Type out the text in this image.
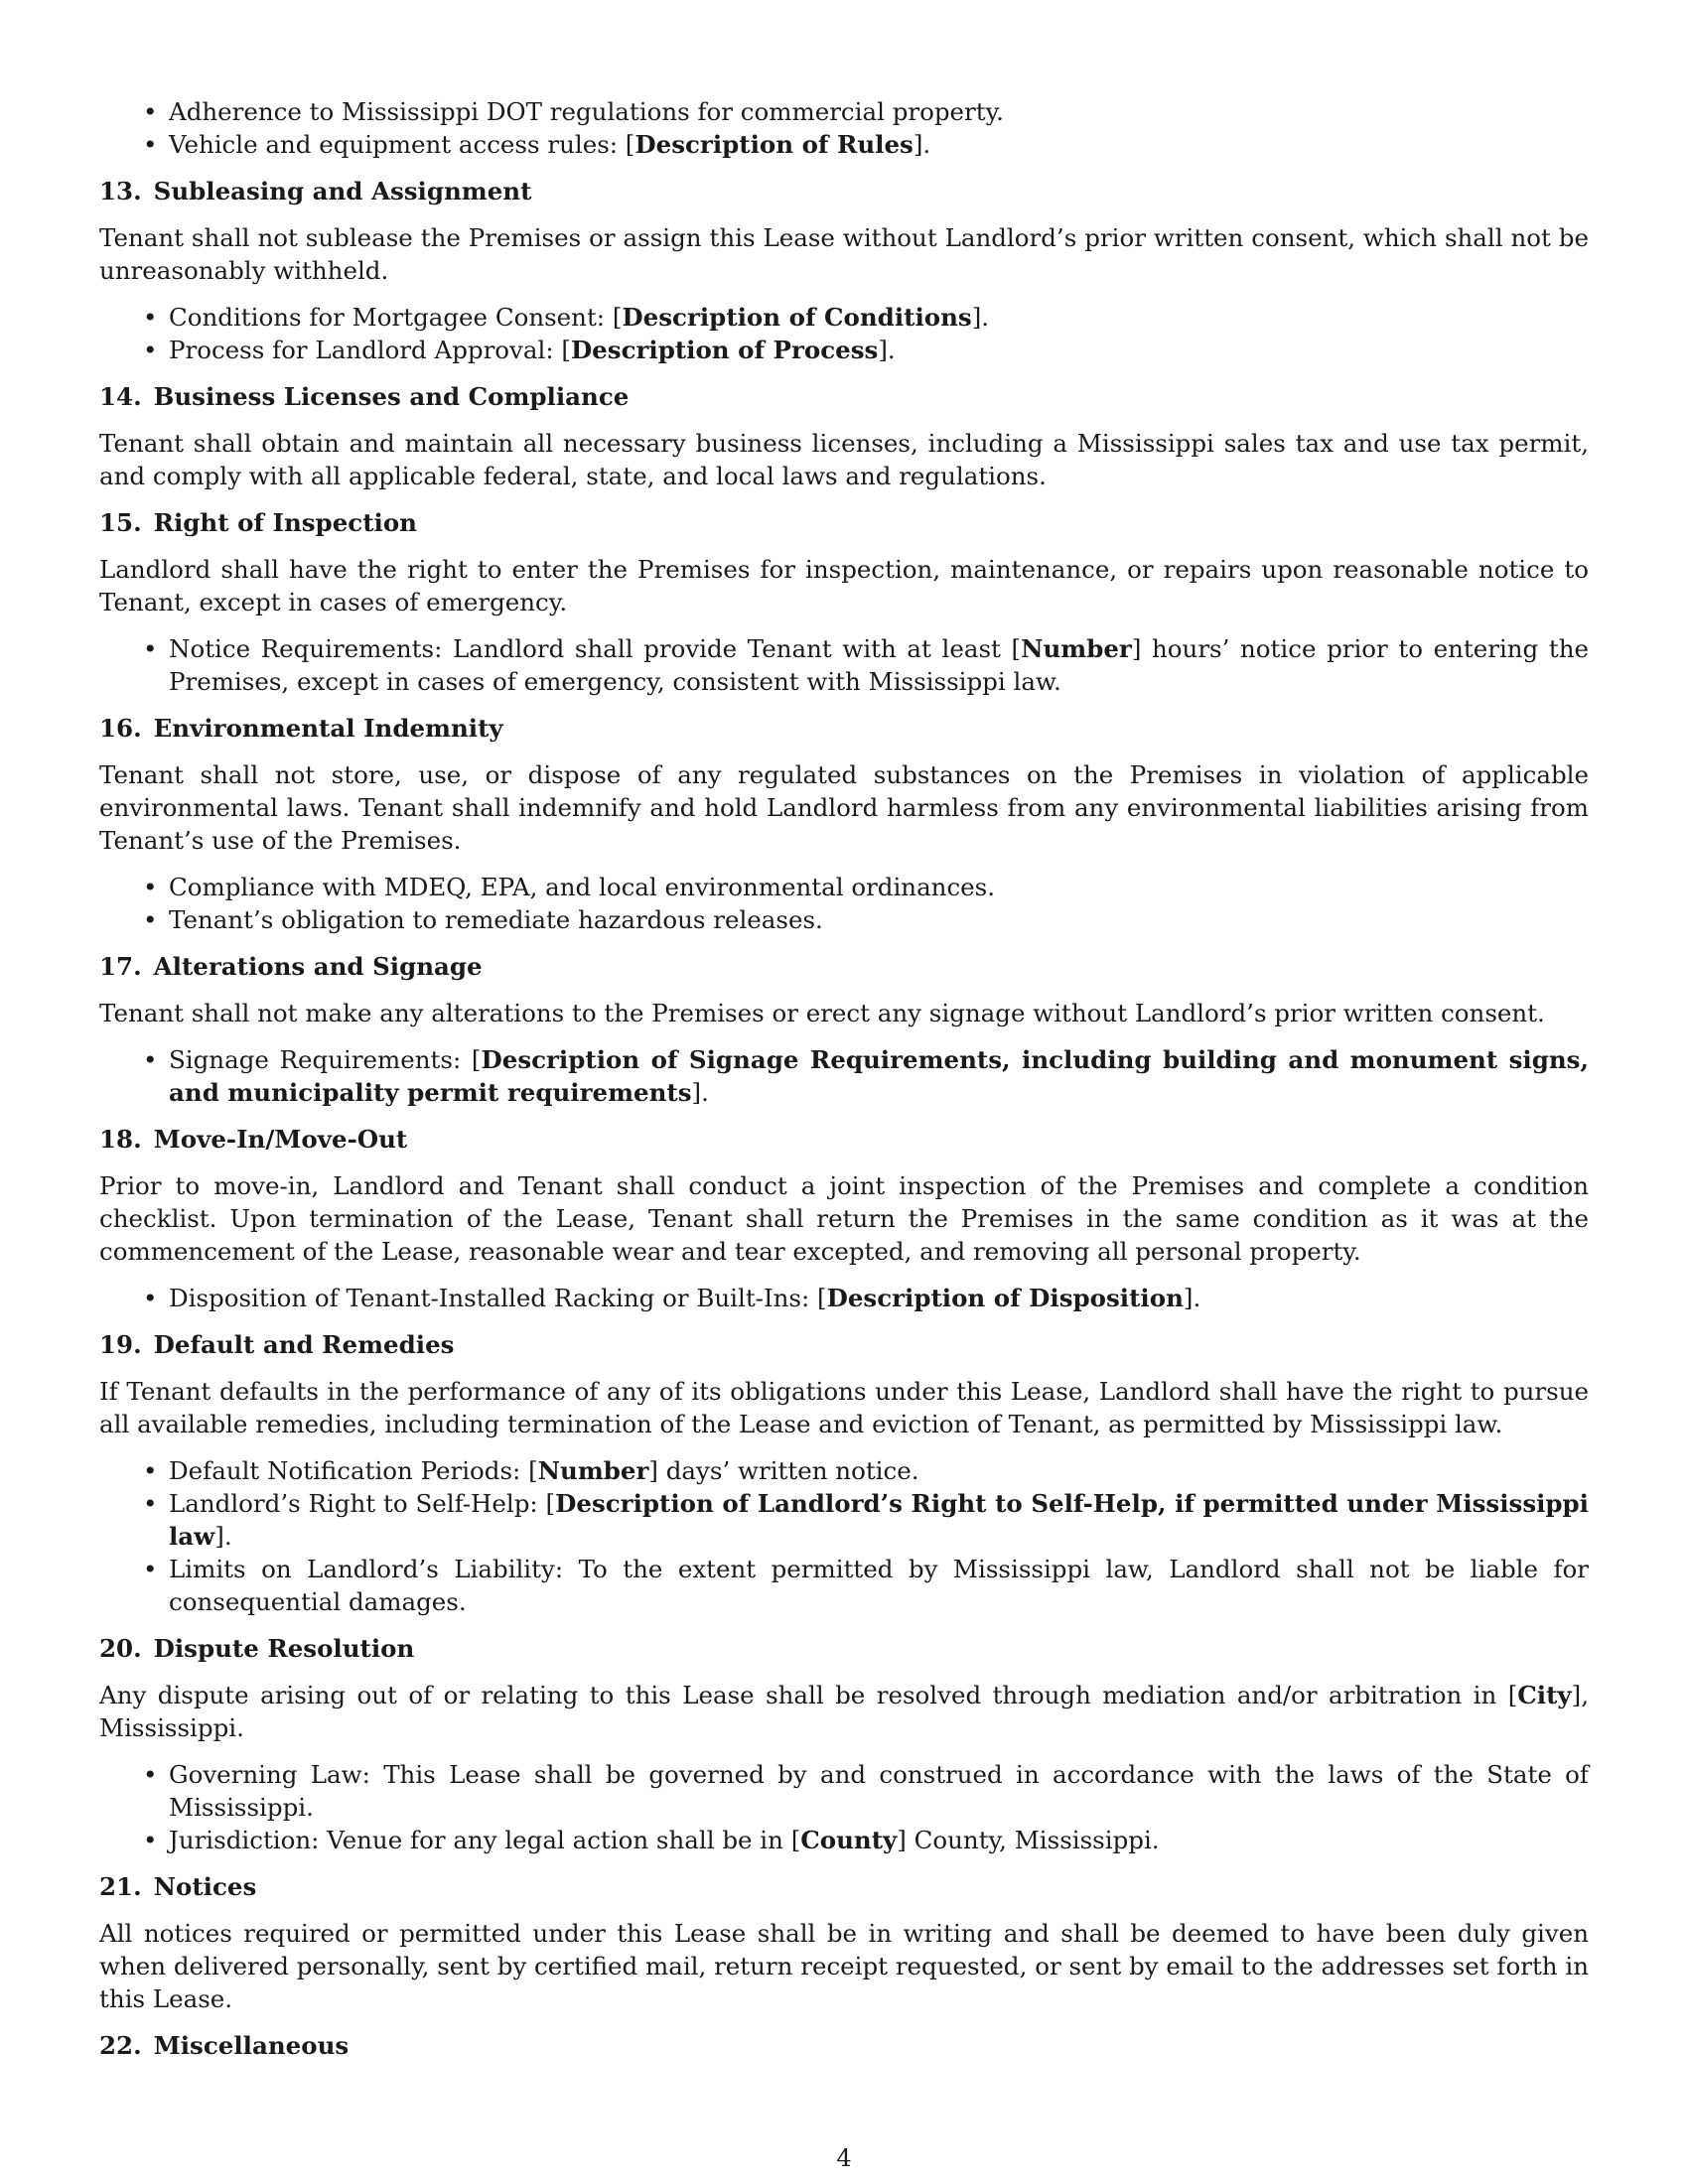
• Adherence to Mississippi DOT regulations for commercial property.
• Vehicle and equipment access rules: [Description of Rules].
13. Subleasing and Assignment

Tenant shall not sublease the Premises or assign this Lease without Landlord’s prior written consent, which shall not be unreasonably withheld.

• Conditions for Mortgagee Consent: [Description of Conditions].
• Process for Landlord Approval: [Description of Process].
14. Business Licenses and Compliance

Tenant shall obtain and maintain all necessary business licenses, including a Mississippi sales tax and use tax permit, and comply with all applicable federal, state, and local laws and regulations.

15. Right of Inspection

Landlord shall have the right to enter the Premises for inspection, maintenance, or repairs upon reasonable notice to Tenant, except in cases of emergency.

• Notice Requirements: Landlord shall provide Tenant with at least [Number] hours’ notice prior to entering the Premises, except in cases of emergency, consistent with Mississippi law.
16. Environmental Indemnity

Tenant shall not store, use, or dispose of any regulated substances on the Premises in violation of applicable environmental laws. Tenant shall indemnify and hold Landlord harmless from any environmental liabilities arising from Tenant’s use of the Premises.

• Compliance with MDEQ, EPA, and local environmental ordinances.
• Tenant’s obligation to remediate hazardous releases.
17. Alterations and Signage

Tenant shall not make any alterations to the Premises or erect any signage without Landlord’s prior written consent.

• Signage Requirements: [Description of Signage Requirements, including building and monument signs, and municipality permit requirements].
18. Move-In/Move-Out

Prior to move-in, Landlord and Tenant shall conduct a joint inspection of the Premises and complete a condition checklist. Upon termination of the Lease, Tenant shall return the Premises in the same condition as it was at the commencement of the Lease, reasonable wear and tear excepted, and removing all personal property.

• Disposition of Tenant-Installed Racking or Built-Ins: [Description of Disposition].
19. Default and Remedies

If Tenant defaults in the performance of any of its obligations under this Lease, Landlord shall have the right to pursue all available remedies, including termination of the Lease and eviction of Tenant, as permitted by Mississippi law.

• Default Notification Periods: [Number] days’ written notice.
• Landlord’s Right to Self-Help: [Description of Landlord’s Right to Self-Help, if permitted under Mississippi law].
• Limits on Landlord’s Liability: To the extent permitted by Mississippi law, Landlord shall not be liable for consequential damages.
20. Dispute Resolution

Any dispute arising out of or relating to this Lease shall be resolved through mediation and/or arbitration in [City], Mississippi.

• Governing Law: This Lease shall be governed by and construed in accordance with the laws of the State of Mississippi.
• Jurisdiction: Venue for any legal action shall be in [County] County, Mississippi.
21. Notices

All notices required or permitted under this Lease shall be in writing and shall be deemed to have been duly given when delivered personally, sent by certified mail, return receipt requested, or sent by email to the addresses set forth in this Lease.

22. Miscellaneous
4
